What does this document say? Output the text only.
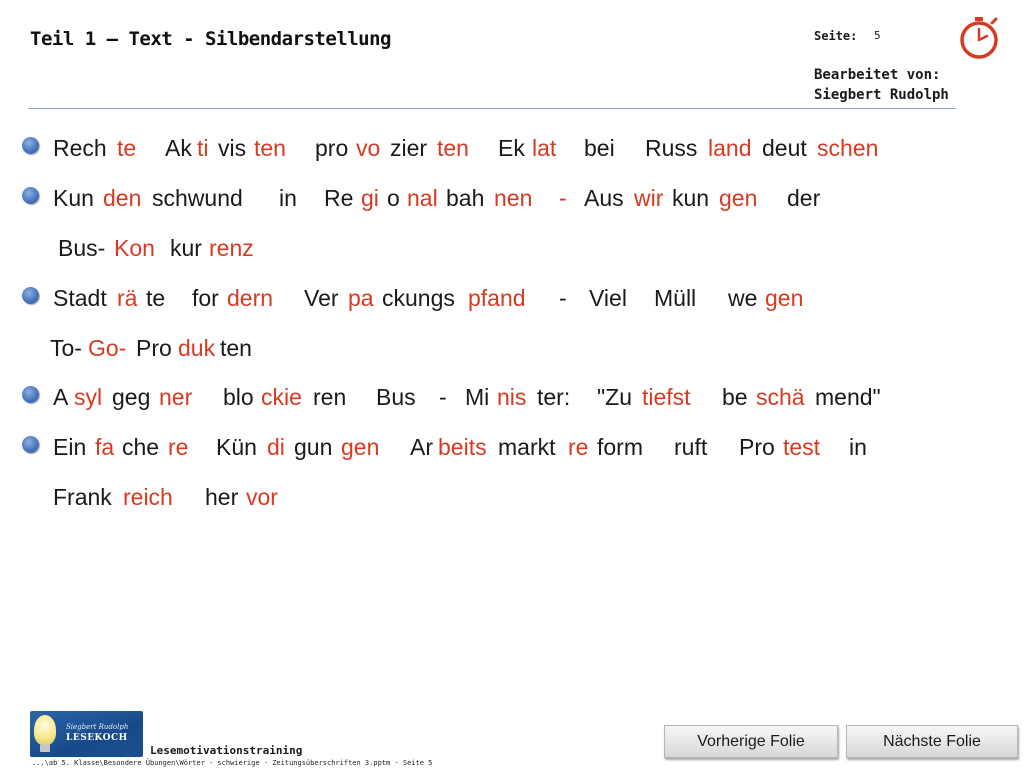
Teil 1 – Text - Silbendarstellung	Seite: 5
Bearbeitet von:
Siegbert Rudolph
Rech te Ak ti vis ten pro vo zier ten Ek lat bei Russ land deut schen
Kun den schwund in Re gi o nal bah nen - Aus wir kun gen der
Bus- Kon kur renz
Stadt rä te for dern Ver pa ckungs pfand - Viel Müll we gen
To- Go- Pro duk ten
A syl geg ner blo ckie ren Bus - Mi nis ter: "Zu tiefst be schä mend"
Ein fa che re Kün di gun gen Ar beits markt re form ruft Pro test in
Frank reich her vor
Siegbert Rudolph
LESEKOCH
Lesemotivationstraining
...\ab 5. Klasse\Besondere Übungen\Wörter - schwierige - Zeitungsüberschriften 3.pptm - Seite 5
Vorherige Folie	Nächste Folie
